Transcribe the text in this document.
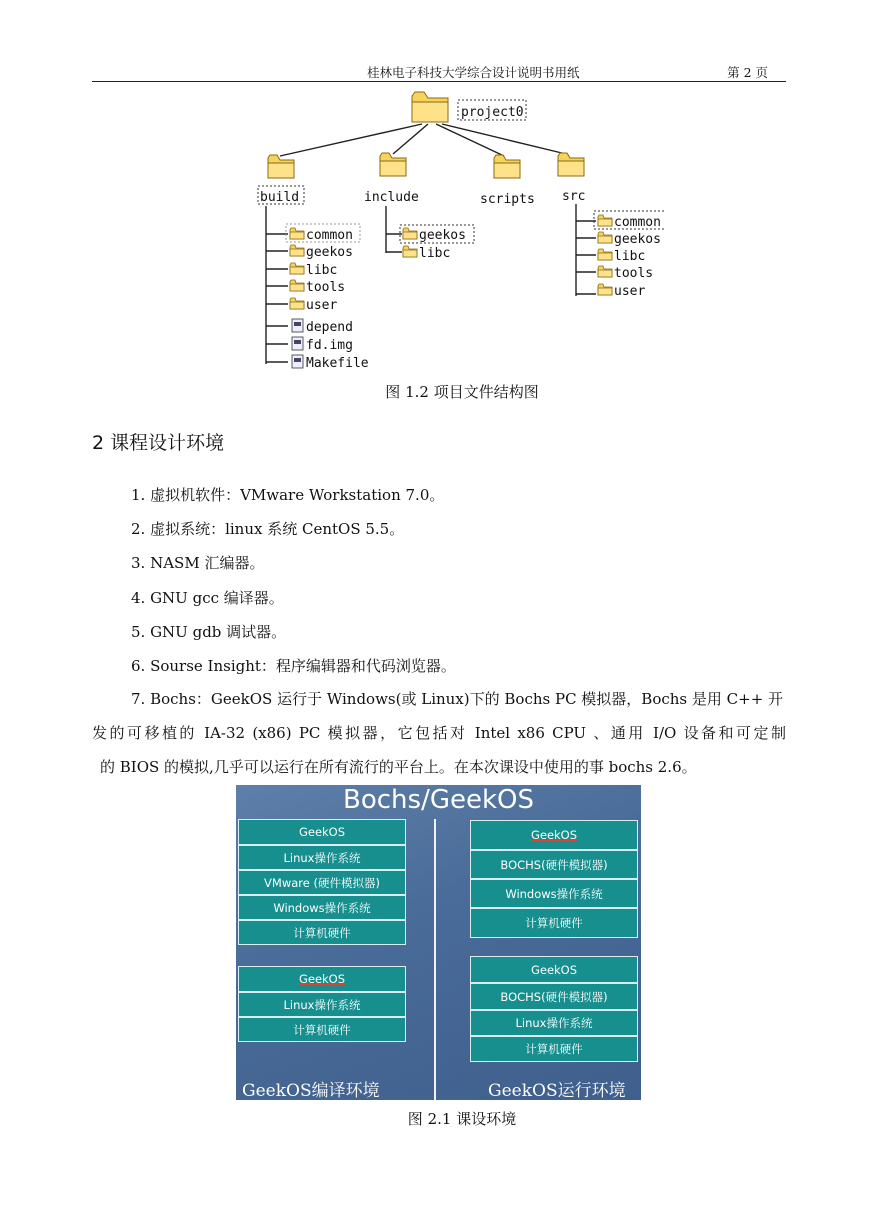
桂林电子科技大学综合设计说明书用纸	第 2 页
project0
build	include	scripts src
common
geekos
libc
tools
user
depend
fd.img
Makefile
geekos
libc
common
geekos
libc
tools
user
图 1.2 项目文件结构图
2 课程设计环境
1. 虚拟机软件：VMware Workstation 7.0。
2. 虚拟系统：linux 系统 CentOS 5.5。
3. NASM 汇编器。
4. GNU gcc 编译器。
5. GNU gdb 调试器。
6. Sourse Insight：程序编辑器和代码浏览器。
7. Bochs：GeekOS 运行于 Windows(或 Linux)下的 Bochs PC 模拟器，Bochs 是用 C++ 开
发的可移植的 IA-32 (x86) PC 模拟器，它包括对 Intel x86 CPU 、通用 I/O 设备和可定制
的 BIOS 的模拟,几乎可以运行在所有流行的平台上。在本次课设中使用的事 bochs 2.6。
Bochs/GeekOS
GeekOS
Linux操作系统
VMware (硬件模拟器)
Windows操作系统
计算机硬件
GeekOS
Linux操作系统
计算机硬件
GeekOS
BOCHS(硬件模拟器)
Windows操作系统
计算机硬件
GeekOS
BOCHS(硬件模拟器)
Linux操作系统
计算机硬件
GeekOS编译环境	GeekOS运行环境
图 2.1 课设环境
